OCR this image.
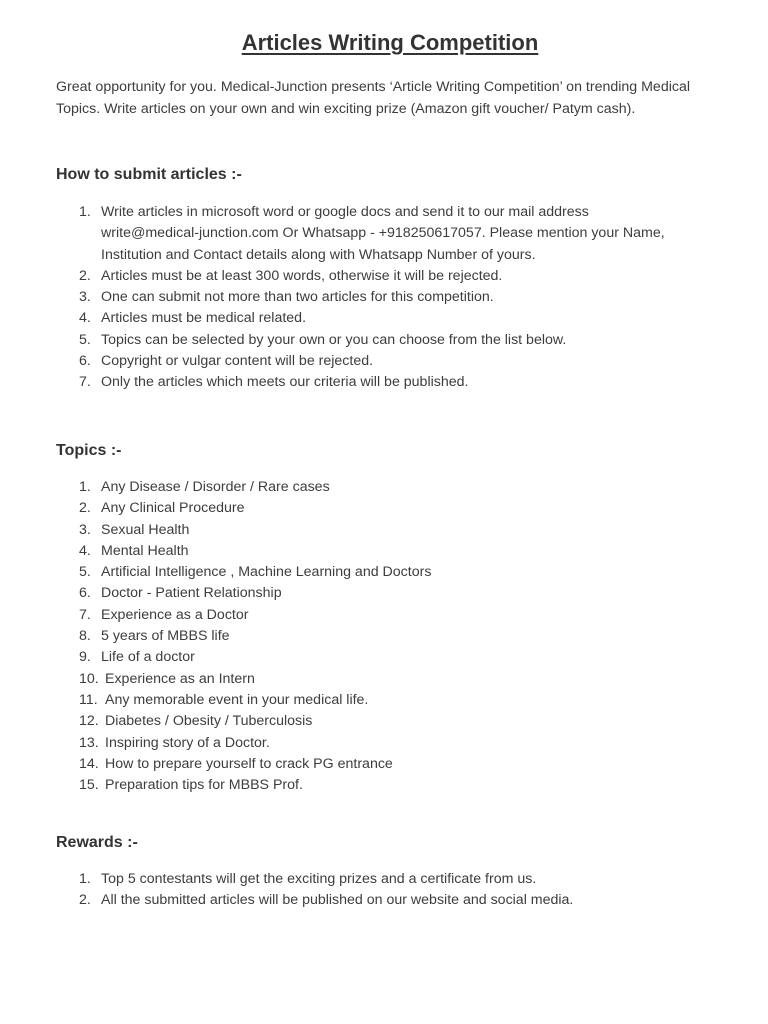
Articles Writing Competition

Great opportunity for you. Medical-Junction presents ‘Article Writing Competition’ on trending Medical Topics. Write articles on your own and win exciting prize (Amazon gift voucher/ Patym cash).

How to submit articles :-
1. Write articles in microsoft word or google docs and send it to our mail address write@medical-junction.com Or Whatsapp - +918250617057. Please mention your Name, Institution and Contact details along with Whatsapp Number of yours.
2. Articles must be at least 300 words, otherwise it will be rejected.
3. One can submit not more than two articles for this competition.
4. Articles must be medical related.
5. Topics can be selected by your own or you can choose from the list below.
6. Copyright or vulgar content will be rejected.
7. Only the articles which meets our criteria will be published.
Topics :-
1. Any Disease / Disorder / Rare cases
2. Any Clinical Procedure
3. Sexual Health
4. Mental Health
5. Artificial Intelligence , Machine Learning and Doctors
6. Doctor - Patient Relationship
7. Experience as a Doctor
8. 5 years of MBBS life
9. Life of a doctor
10. Experience as an Intern
11. Any memorable event in your medical life.
12. Diabetes / Obesity / Tuberculosis
13. Inspiring story of a Doctor.
14. How to prepare yourself to crack PG entrance
15. Preparation tips for MBBS Prof.
Rewards :-
1. Top 5 contestants will get the exciting prizes and a certificate from us.
2. All the submitted articles will be published on our website and social media.
